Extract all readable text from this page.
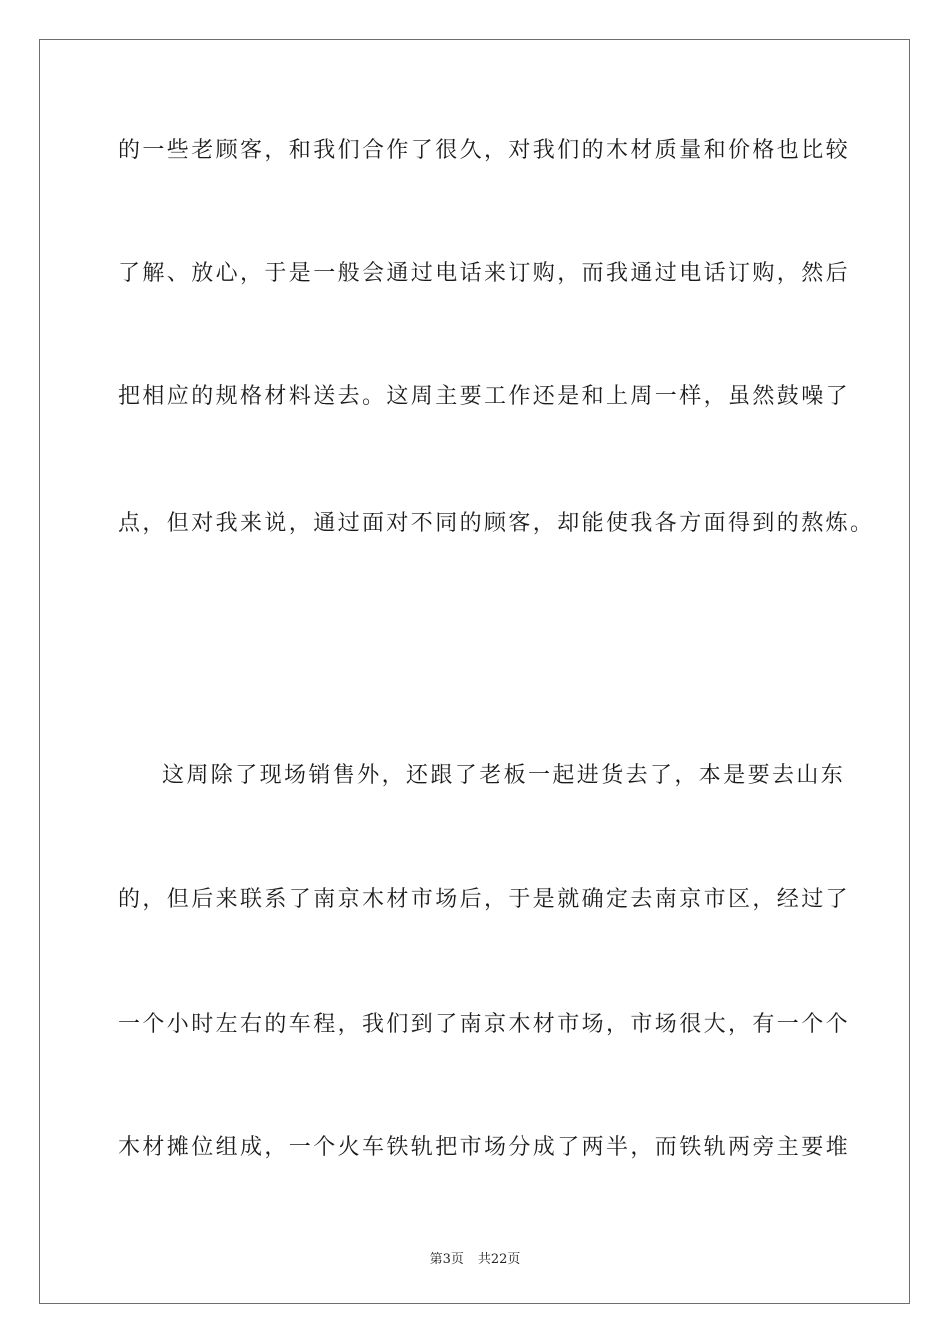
的一些老顾客，和我们合作了很久，对我们的木材质量和价格也比较
了解、放心，于是一般会通过电话来订购，而我通过电话订购，然后
把相应的规格材料送去。这周主要工作还是和上周一样，虽然鼓噪了
点，但对我来说，通过面对不同的顾客，却能使我各方面得到的熬炼。
这周除了现场销售外，还跟了老板一起进货去了，本是要去山东
的，但后来联系了南京木材市场后，于是就确定去南京市区，经过了
一个小时左右的车程，我们到了南京木材市场，市场很大，有一个个
木材摊位组成，一个火车铁轨把市场分成了两半，而铁轨两旁主要堆
第3页 共22页
